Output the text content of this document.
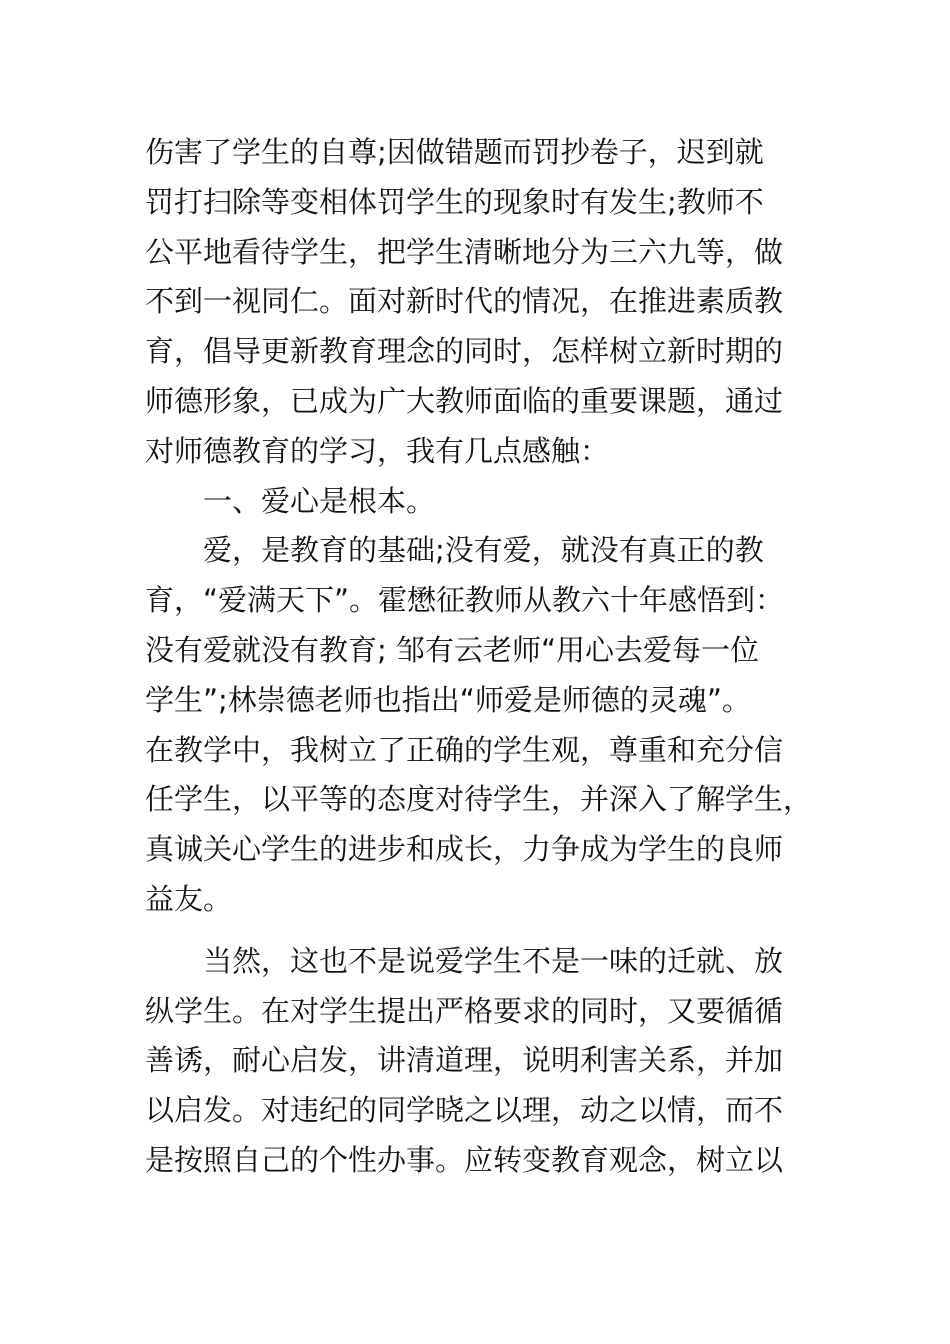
伤害了学生的自尊;因做错题而罚抄卷子，迟到就
罚打扫除等变相体罚学生的现象时有发生;教师不
公平地看待学生，把学生清晰地分为三六九等，做
不到一视同仁。面对新时代的情况，在推进素质教
育，倡导更新教育理念的同时，怎样树立新时期的
师德形象，已成为广大教师面临的重要课题，通过
对师德教育的学习，我有几点感触：
　　一、爱心是根本。
　　爱，是教育的基础;没有爱，就没有真正的教
育，“爱满天下”。霍懋征教师从教六十年感悟到：
没有爱就没有教育; 邹有云老师“用心去爱每一位
学生”;林崇德老师也指出“师爱是师德的灵魂”。
在教学中，我树立了正确的学生观，尊重和充分信
任学生，以平等的态度对待学生，并深入了解学生，
真诚关心学生的进步和成长，力争成为学生的良师
益友。
　　当然，这也不是说爱学生不是一味的迁就、放
纵学生。在对学生提出严格要求的同时，又要循循
善诱，耐心启发，讲清道理，说明利害关系，并加
以启发。对违纪的同学晓之以理，动之以情，而不
是按照自己的个性办事。应转变教育观念，树立以
